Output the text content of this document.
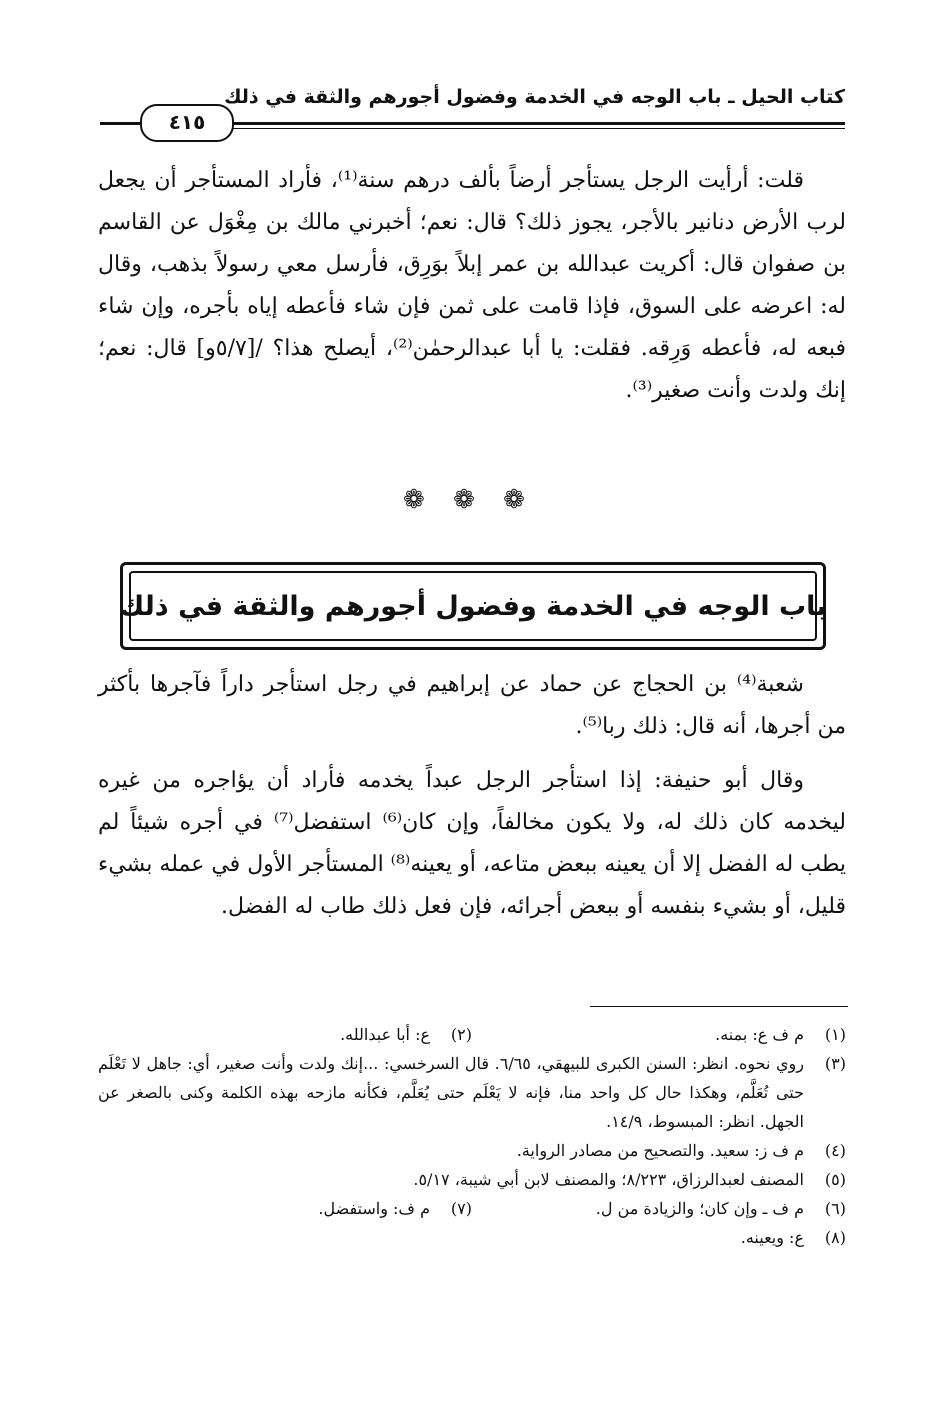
كتاب الحيل ـ باب الوجه في الخدمة وفضول أجورهم والثقة في ذلك
٤١٥
قلت: أرأيت الرجل يستأجر أرضاً بألف درهم سنة⁽¹⁾، فأراد المستأجر أن يجعل لرب الأرض دنانير بالأجر، يجوز ذلك؟ قال: نعم؛ أخبرني مالك بن مِغْوَل عن القاسم بن صفوان قال: أكريت عبدالله بن عمر إبلاً بوَرِق، فأرسل معي رسولاً بذهب، وقال له: اعرضه على السوق، فإذا قامت على ثمن فإن شاء فأعطه إياه بأجره، وإن شاء فبعه له، فأعطه وَرِقه. فقلت: يا أبا عبدالرحمٰن⁽²⁾، أيصلح هذا؟ /[٥/٧و] قال: نعم؛ إنك ولدت وأنت صغير⁽³⁾.
❁ ❁ ❁
باب الوجه في الخدمة وفضول أجورهم والثقة في ذلك
شعبة⁽⁴⁾ بن الحجاج عن حماد عن إبراهيم في رجل استأجر داراً فآجرها بأكثر من أجرها، أنه قال: ذلك ربا⁽⁵⁾.
وقال أبو حنيفة: إذا استأجر الرجل عبداً يخدمه فأراد أن يؤاجره من غيره ليخدمه كان ذلك له، ولا يكون مخالفاً، وإن كان⁽⁶⁾ استفضل⁽⁷⁾ في أجره شيئاً لم يطب له الفضل إلا أن يعينه ببعض متاعه، أو يعينه⁽⁸⁾ المستأجر الأول في عمله بشيء قليل، أو بشيء بنفسه أو ببعض أجرائه، فإن فعل ذلك طاب له الفضل.
(١)
م ف ع: بمنه.
(٢)
ع: أبا عبدالله.
(٣)
روي نحوه. انظر: السنن الكبرى للبيهقي، ٦/٦٥. قال السرخسي: ...إنك ولدت وأنت صغير، أي: جاهل لا تَعْلَم حتى تُعَلَّم، وهكذا حال كل واحد منا، فإنه لا يَعْلَم حتى يُعَلَّم، فكأنه مازحه بهذه الكلمة وكنى بالصغر عن الجهل. انظر: المبسوط، ١٤/٩.
(٤)
م ف ز: سعيد. والتصحيح من مصادر الرواية.
(٥)
المصنف لعبدالرزاق، ٨/٢٢٣؛ والمصنف لابن أبي شيبة، ٥/١٧.
(٦)
م ف ـ وإن كان؛ والزيادة من ل.
(٧)
م ف: واستفضل.
(٨)
ع: ويعينه.
